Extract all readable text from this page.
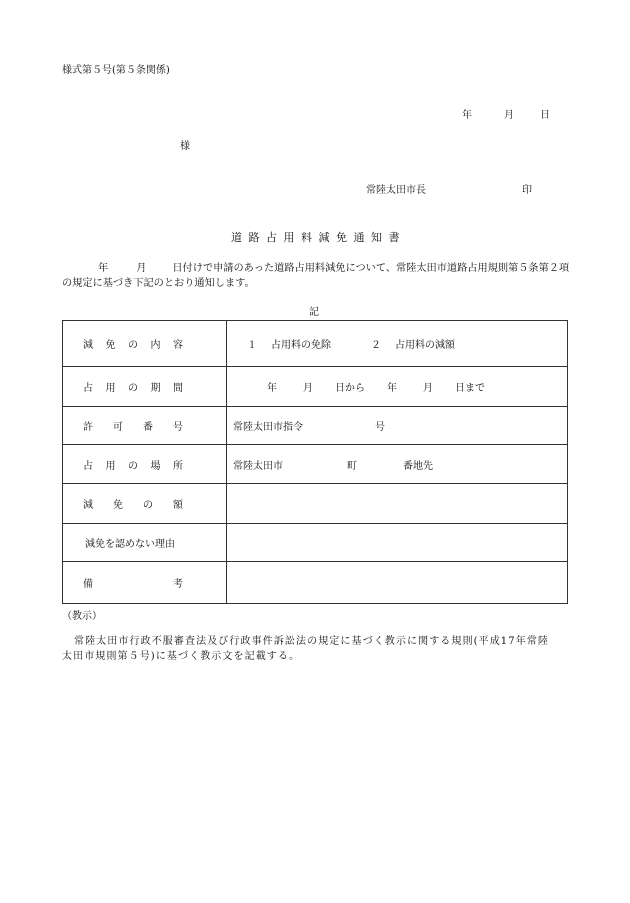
様式第５号(第５条関係)
年	月	日
様
常陸太田市長	印
道路占用料減免通知書
年	月	日付けで申請のあった道路占用料減免について、常陸太田市道路占用規則第５条第２項の規定に基づき下記のとおり通知します。
記
減 免 の 内 容	１ 占用料の免除 ２ 占用料の減額

占 用 の 期 間	年 月 日から 年 月 日まで

許 可 番 号	常陸太田市指令 号

占 用 の 場 所	常陸太田市 町 番地先

減 免 の 額	

減免を認めない理由	

備 考	

（教示）
常陸太田市行政不服審査法及び行政事件訴訟法の規定に基づく教示に関する規則(平成17年常陸太田市規則第５号)に基づく教示文を記載する。
